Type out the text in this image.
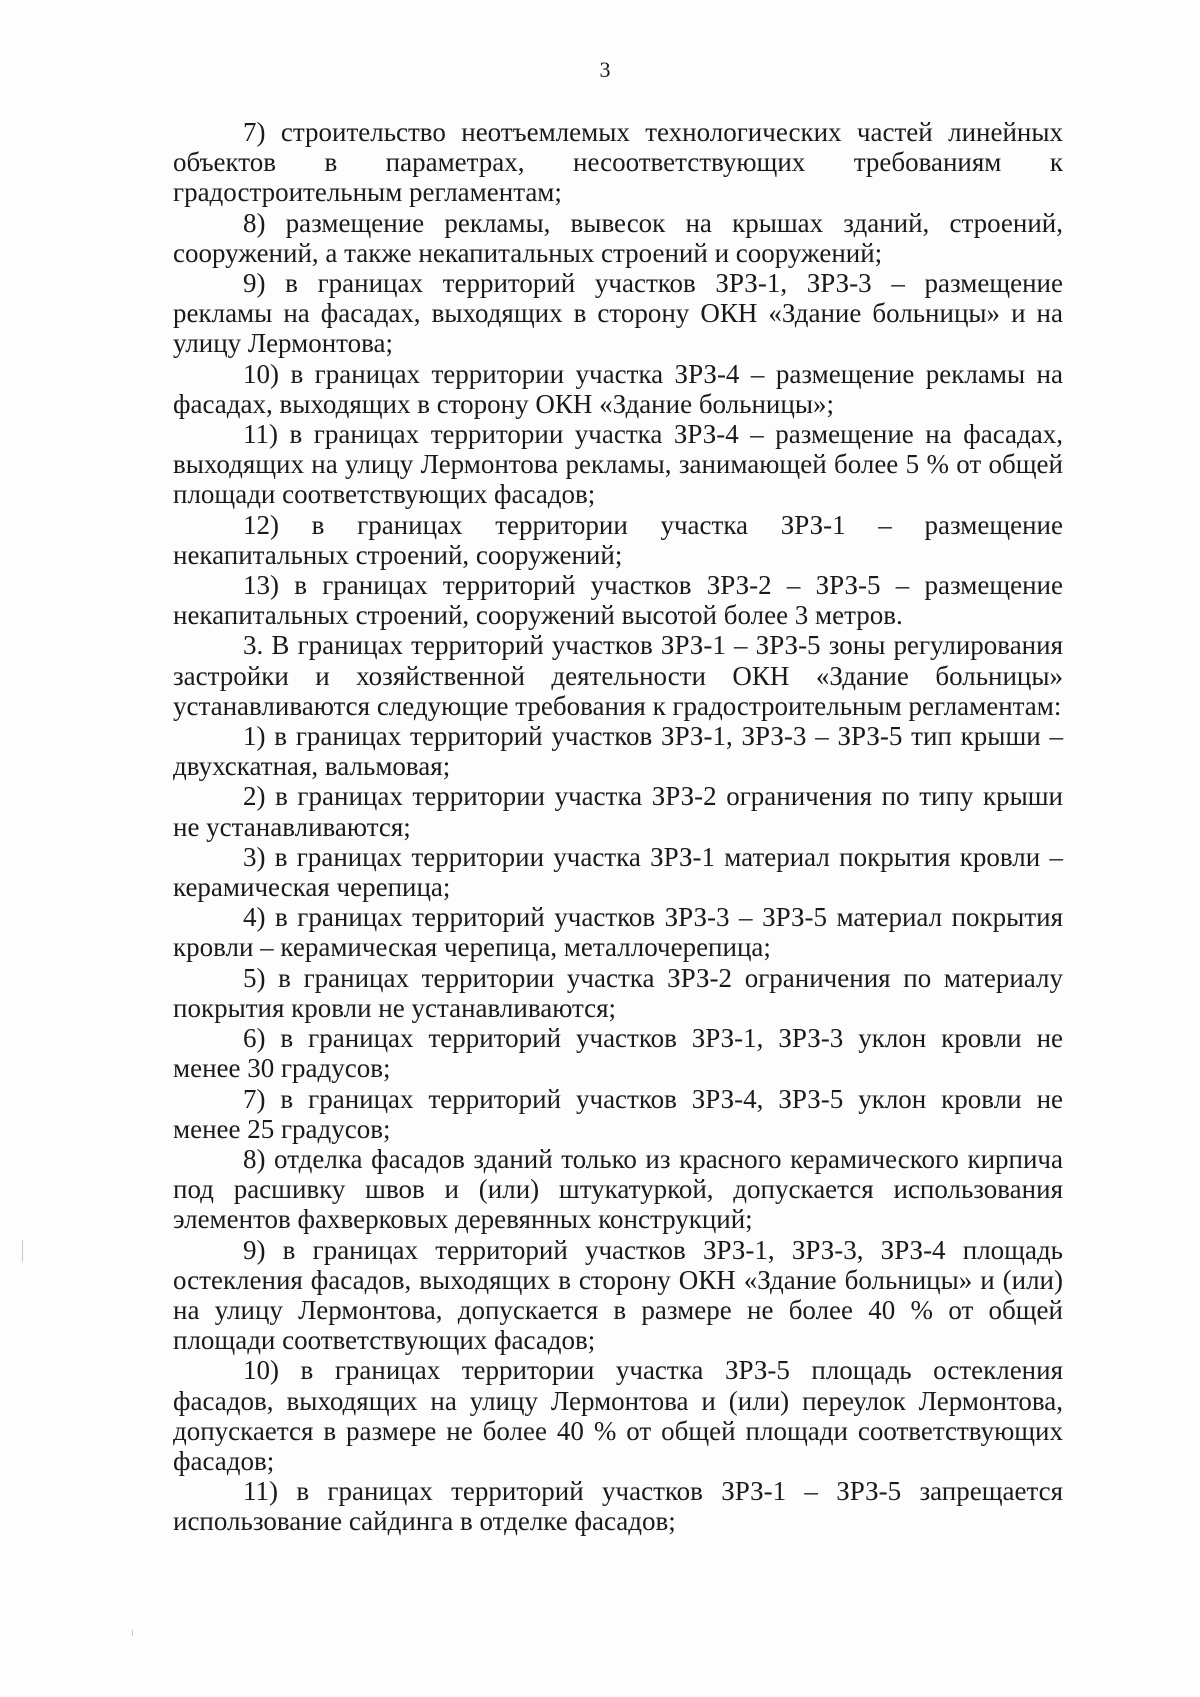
3

7) строительство неотъемлемых технологических частей линейных объектов в параметрах, несоответствующих требованиям к градостроительным регламентам;

8) размещение рекламы, вывесок на крышах зданий, строений, сооружений, а также некапитальных строений и сооружений;

9) в границах территорий участков ЗРЗ-1, ЗРЗ-3 – размещение рекламы на фасадах, выходящих в сторону ОКН «Здание больницы» и на улицу Лермонтова;

10) в границах территории участка ЗРЗ-4 – размещение рекламы на фасадах, выходящих в сторону ОКН «Здание больницы»;

11) в границах территории участка ЗРЗ-4 – размещение на фасадах, выходящих на улицу Лермонтова рекламы, занимающей более 5 % от общей площади соответствующих фасадов;

12) в границах территории участка ЗРЗ-1 – размещение некапитальных строений, сооружений;

13) в границах территорий участков ЗРЗ-2 – ЗРЗ-5 – размещение некапитальных строений, сооружений высотой более 3 метров.

3. В границах территорий участков ЗРЗ-1 – ЗРЗ-5 зоны регулирования застройки и хозяйственной деятельности ОКН «Здание больницы» устанавливаются следующие требования к градостроительным регламентам:

1) в границах территорий участков ЗРЗ-1, ЗРЗ-3 – ЗРЗ-5 тип крыши – двухскатная, вальмовая;

2) в границах территории участка ЗРЗ-2 ограничения по типу крыши не устанавливаются;

3) в границах территории участка ЗРЗ-1 материал покрытия кровли – керамическая черепица;

4) в границах территорий участков ЗРЗ-3 – ЗРЗ-5 материал покрытия кровли – керамическая черепица, металлочерепица;

5) в границах территории участка ЗРЗ-2 ограничения по материалу покрытия кровли не устанавливаются;

6) в границах территорий участков ЗРЗ-1, ЗРЗ-3 уклон кровли не менее 30 градусов;

7) в границах территорий участков ЗРЗ-4, ЗРЗ-5 уклон кровли не менее 25 градусов;

8) отделка фасадов зданий только из красного керамического кирпича под расшивку швов и (или) штукатуркой, допускается использования элементов фахверковых деревянных конструкций;

9) в границах территорий участков ЗРЗ-1, ЗРЗ-3, ЗРЗ-4 площадь остекления фасадов, выходящих в сторону ОКН «Здание больницы» и (или) на улицу Лермонтова, допускается в размере не более 40 % от общей площади соответствующих фасадов;

10) в границах территории участка ЗРЗ-5 площадь остекления фасадов, выходящих на улицу Лермонтова и (или) переулок Лермонтова, допускается в размере не более 40 % от общей площади соответствующих фасадов;

11) в границах территорий участков ЗРЗ-1 – ЗРЗ-5 запрещается использование сайдинга в отделке фасадов;
